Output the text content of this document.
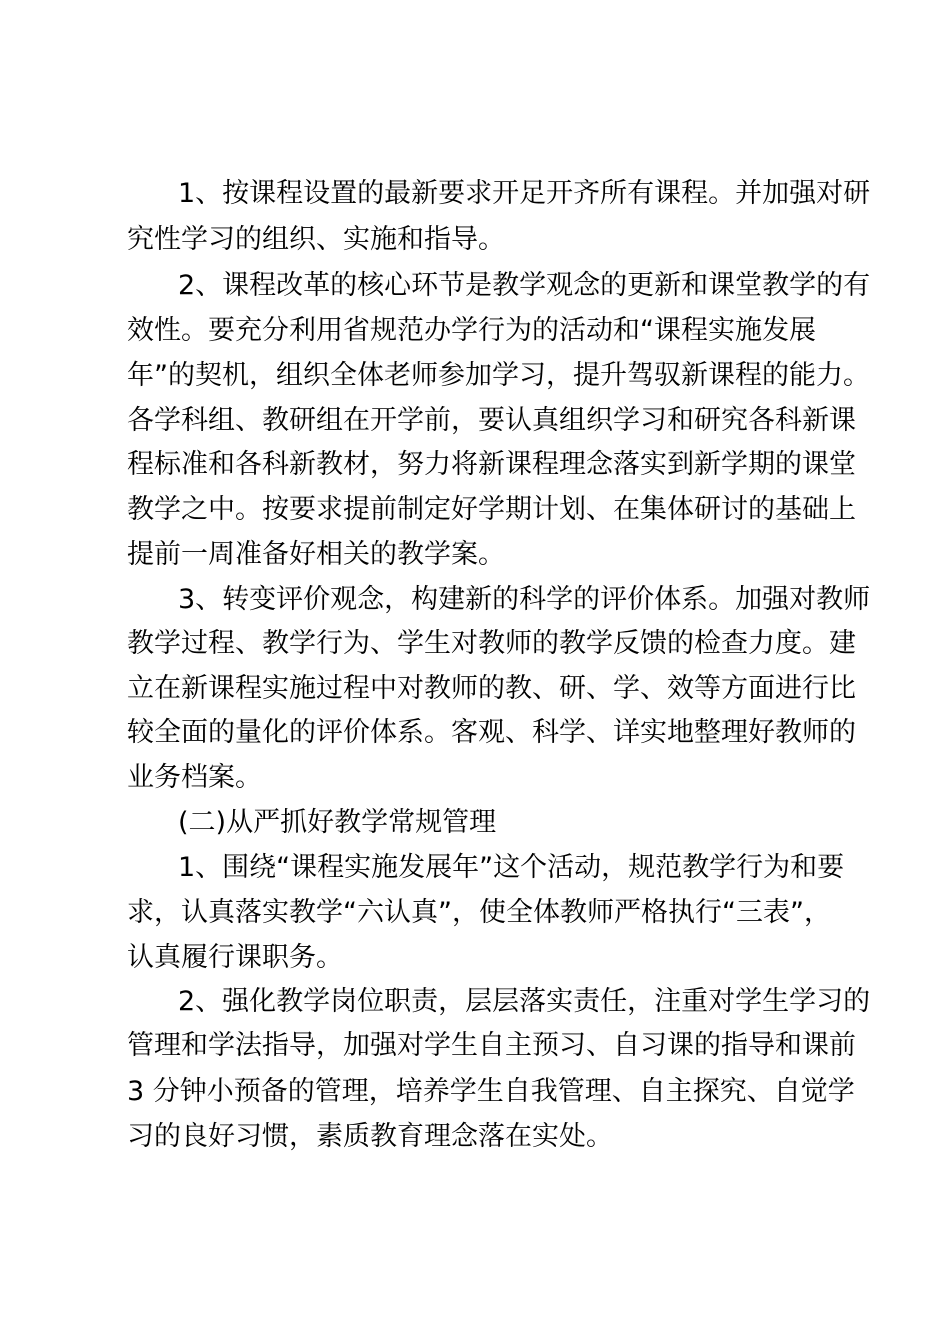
1、按课程设置的最新要求开足开齐所有课程。并加强对研

究性学习的组织、实施和指导。

2、课程改革的核心环节是教学观念的更新和课堂教学的有

效性。要充分利用省规范办学行为的活动和“课程实施发展

年”的契机，组织全体老师参加学习，提升驾驭新课程的能力。

各学科组、教研组在开学前，要认真组织学习和研究各科新课

程标准和各科新教材，努力将新课程理念落实到新学期的课堂

教学之中。按要求提前制定好学期计划、在集体研讨的基础上

提前一周准备好相关的教学案。

3、转变评价观念，构建新的科学的评价体系。加强对教师

教学过程、教学行为、学生对教师的教学反馈的检查力度。建

立在新课程实施过程中对教师的教、研、学、效等方面进行比

较全面的量化的评价体系。客观、科学、详实地整理好教师的

业务档案。

(二)从严抓好教学常规管理

1、围绕“课程实施发展年”这个活动，规范教学行为和要

求，认真落实教学“六认真”，使全体教师严格执行“三表”，

认真履行课职务。

2、强化教学岗位职责，层层落实责任，注重对学生学习的

管理和学法指导，加强对学生自主预习、自习课的指导和课前

3 分钟小预备的管理，培养学生自我管理、自主探究、自觉学

习的良好习惯，素质教育理念落在实处。
